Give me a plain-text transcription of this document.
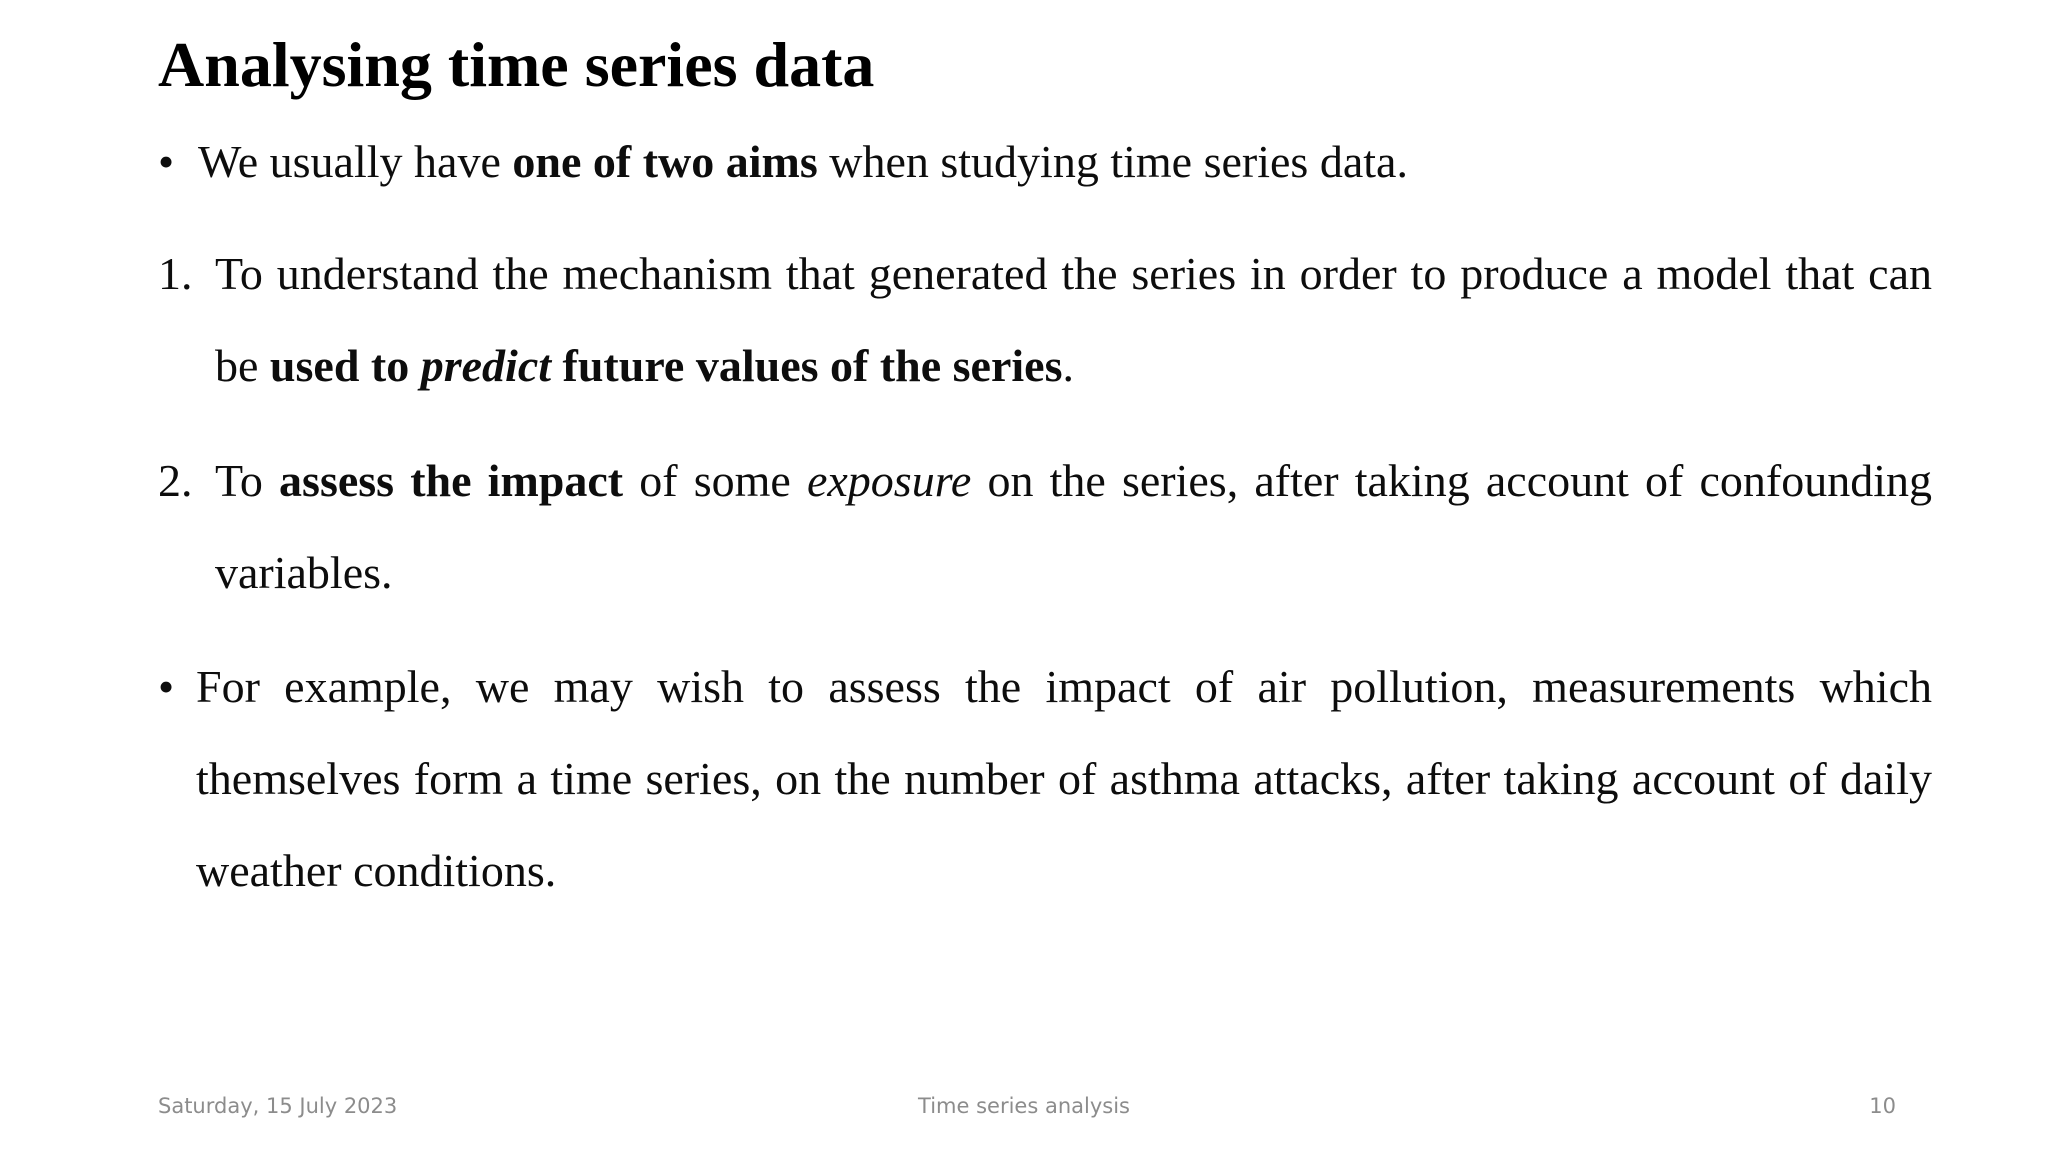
Analysing time series data
• We usually have one of two aims when studying time series data.
1. To understand the mechanism that generated the series in order to produce a model that can be used to predict future values of the series.
2. To assess the impact of some exposure on the series, after taking account of confounding variables.
• For example, we may wish to assess the impact of air pollution, measurements which themselves form a time series, on the number of asthma attacks, after taking account of daily weather conditions.
Saturday, 15 July 2023	Time series analysis	10
